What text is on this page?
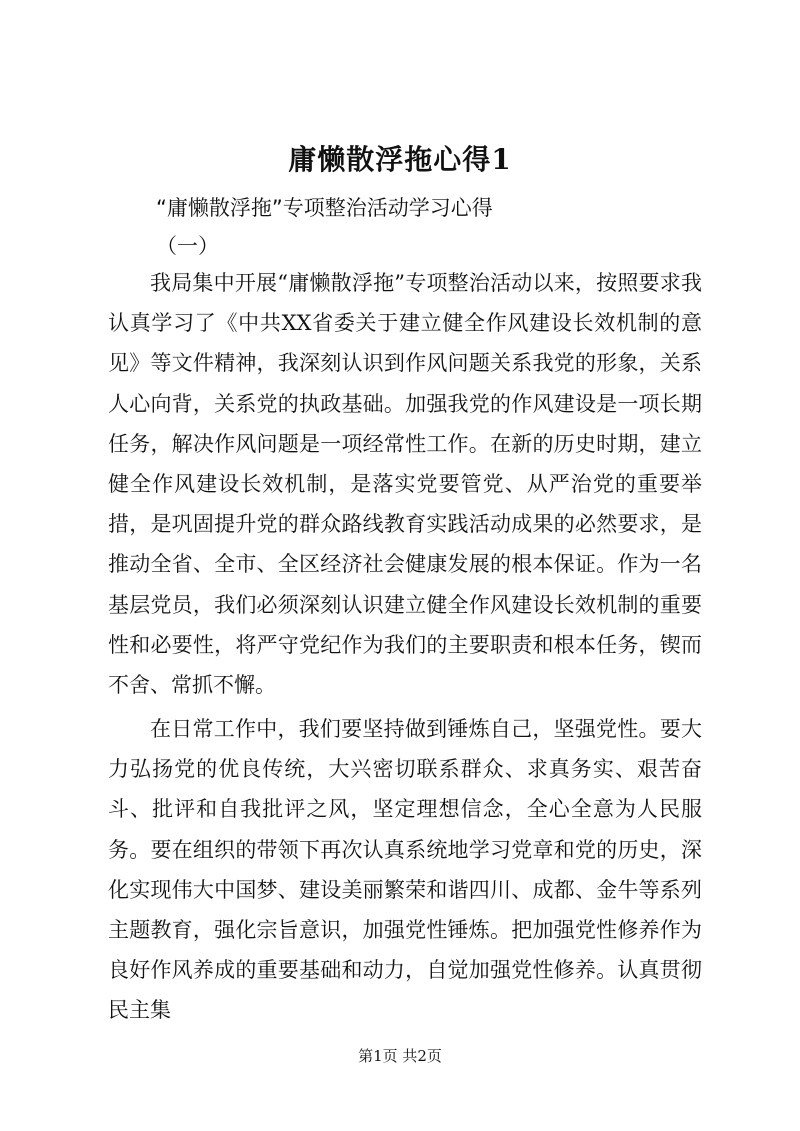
庸懒散浮拖心得1
“庸懒散浮拖”专项整治活动学习心得
（一）

我局集中开展“庸懒散浮拖”专项整治活动以来，按照要求我认真学习了《中共XX省委关于建立健全作风建设长效机制的意见》等文件精神，我深刻认识到作风问题关系我党的形象，关系人心向背，关系党的执政基础。加强我党的作风建设是一项长期任务，解决作风问题是一项经常性工作。在新的历史时期，建立健全作风建设长效机制，是落实党要管党、从严治党的重要举措，是巩固提升党的群众路线教育实践活动成果的必然要求，是推动全省、全市、全区经济社会健康发展的根本保证。作为一名基层党员，我们必须深刻认识建立健全作风建设长效机制的重要性和必要性，将严守党纪作为我们的主要职责和根本任务，锲而不舍、常抓不懈。

在日常工作中，我们要坚持做到锤炼自己，坚强党性。要大力弘扬党的优良传统，大兴密切联系群众、求真务实、艰苦奋斗、批评和自我批评之风，坚定理想信念，全心全意为人民服务。要在组织的带领下再次认真系统地学习党章和党的历史，深化实现伟大中国梦、建设美丽繁荣和谐四川、成都、金牛等系列主题教育，强化宗旨意识，加强党性锤炼。把加强党性修养作为良好作风养成的重要基础和动力，自觉加强党性修养。认真贯彻民主集

第1页 共2页
